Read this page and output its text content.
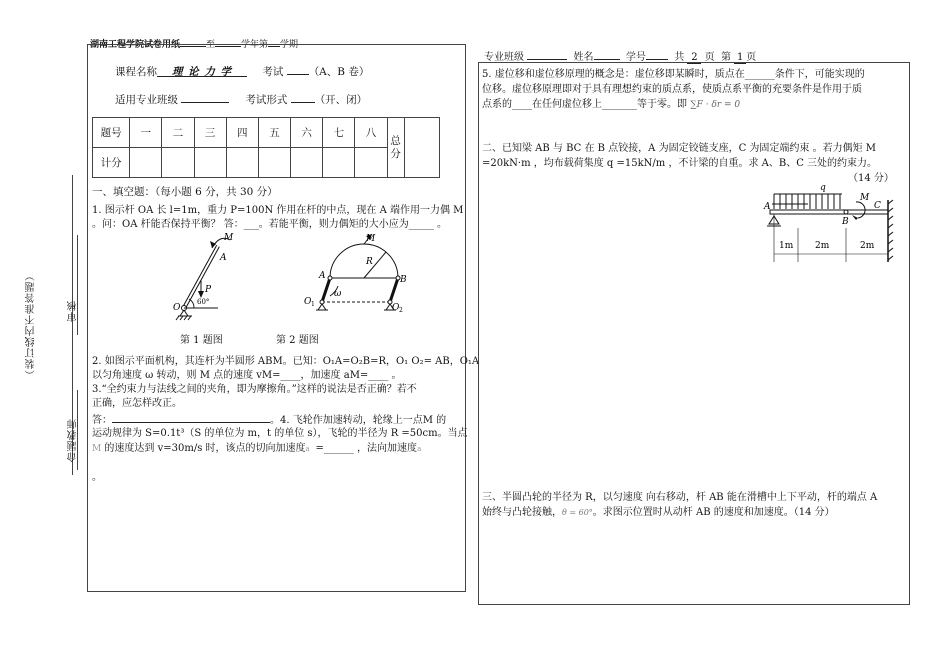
湖南工程学院试卷用纸	至	学年第 学期
（装订线内不准答题）	审核
命题教师
课程名称 理 论 力 学	考试 （A、B 卷）
适用专业班级	考试形式	（开、闭）
题号	一	二	三	四	五	六	七	八	总分	
计分										
一、填空题：（每小题 6 分，共 30 分）
1. 图示杆 OA 长 l=1m，重力 P=100N 作用在杆的中点，现在 A 端作用一力偶 M
。问：OA 杆能否保持平衡？ 答：___。若能平衡，则力偶矩的大小应为_____ 。
M
A
P
O
60°
M
R
A	B
ω
O 1	O 2
第 1 题图	第 2 题图
2. 如图示平面机构，其连杆为半圆形 ABM。已知：O₁A=O₂B=R，O₁ O₂= AB，O₁A
以匀角速度 ω 转动，则 M 点的速度 vM=____，加速度 aM=____ 。
3.“全约束力与法线之间的夹角，即为摩擦角。”这样的说法是否正确？若不
正确，应怎样改正。
答：	。4. 飞轮作加速转动，轮缘上一点M 的
运动规律为 S=0.1t³（S 的单位为 m，t 的单位 s），飞轮的半径为 R =50cm。当点
M 的速度达到 v=30m/s 时，该点的切向加速度a =______ ，法向加速度a
。
专业班级	姓名	学号	共 2 页 第 1 页
5. 虚位移和虚位移原理的概念是：虚位移即某瞬时，质点在______条件下，可能实现的
位移。虚位移原理即对于具有理想约束的质点系，使质点系平衡的充要条件是作用于质
点系的____在任何虚位移上_______等于零。即 ∑F · δr = 0
二、已知梁 AB 与 BC 在 B 点铰接，A 为固定铰链支座，C 为固定端约束 。若力偶矩 M
=20kN·m ，均布载荷集度 q =15kN/m ，不计梁的自重。求 A、B、C 三处的约束力。
（14 分）
q
M
A
B
C
1m 2m	2m
三、半圆凸轮的半径为 R，以匀速度 向右移动，杆 AB 能在滑槽中上下平动，杆的端点 A
始终与凸轮接触，θ = 60°。求图示位置时从动杆 AB 的速度和加速度。（14 分）
